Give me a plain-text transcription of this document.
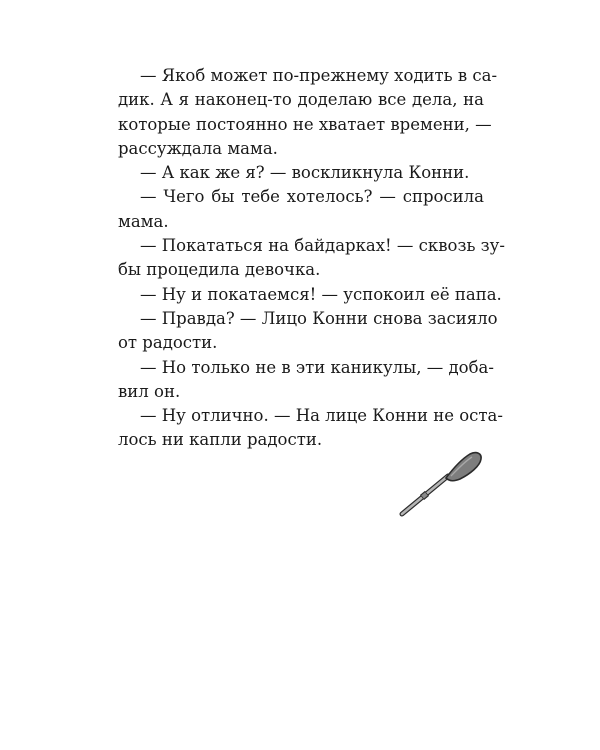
— Якоб может по-прежнему ходить в са-
дик. А я наконец-то доделаю все дела, на
которые постоянно не хватает времени, —
рассуждала мама.
— А как же я? — воскликнула Конни.
— Чего бы тебе хотелось? — спросила
мама.
— Покататься на байдарках! — сквозь зу-
бы процедила девочка.
— Ну и покатаемся! — успокоил её папа.
— Правда? — Лицо Конни снова засияло
от радости.
— Но только не в эти каникулы, — доба-
вил он.
— Ну отлично. — На лице Конни не оста-
лось ни капли радости.
